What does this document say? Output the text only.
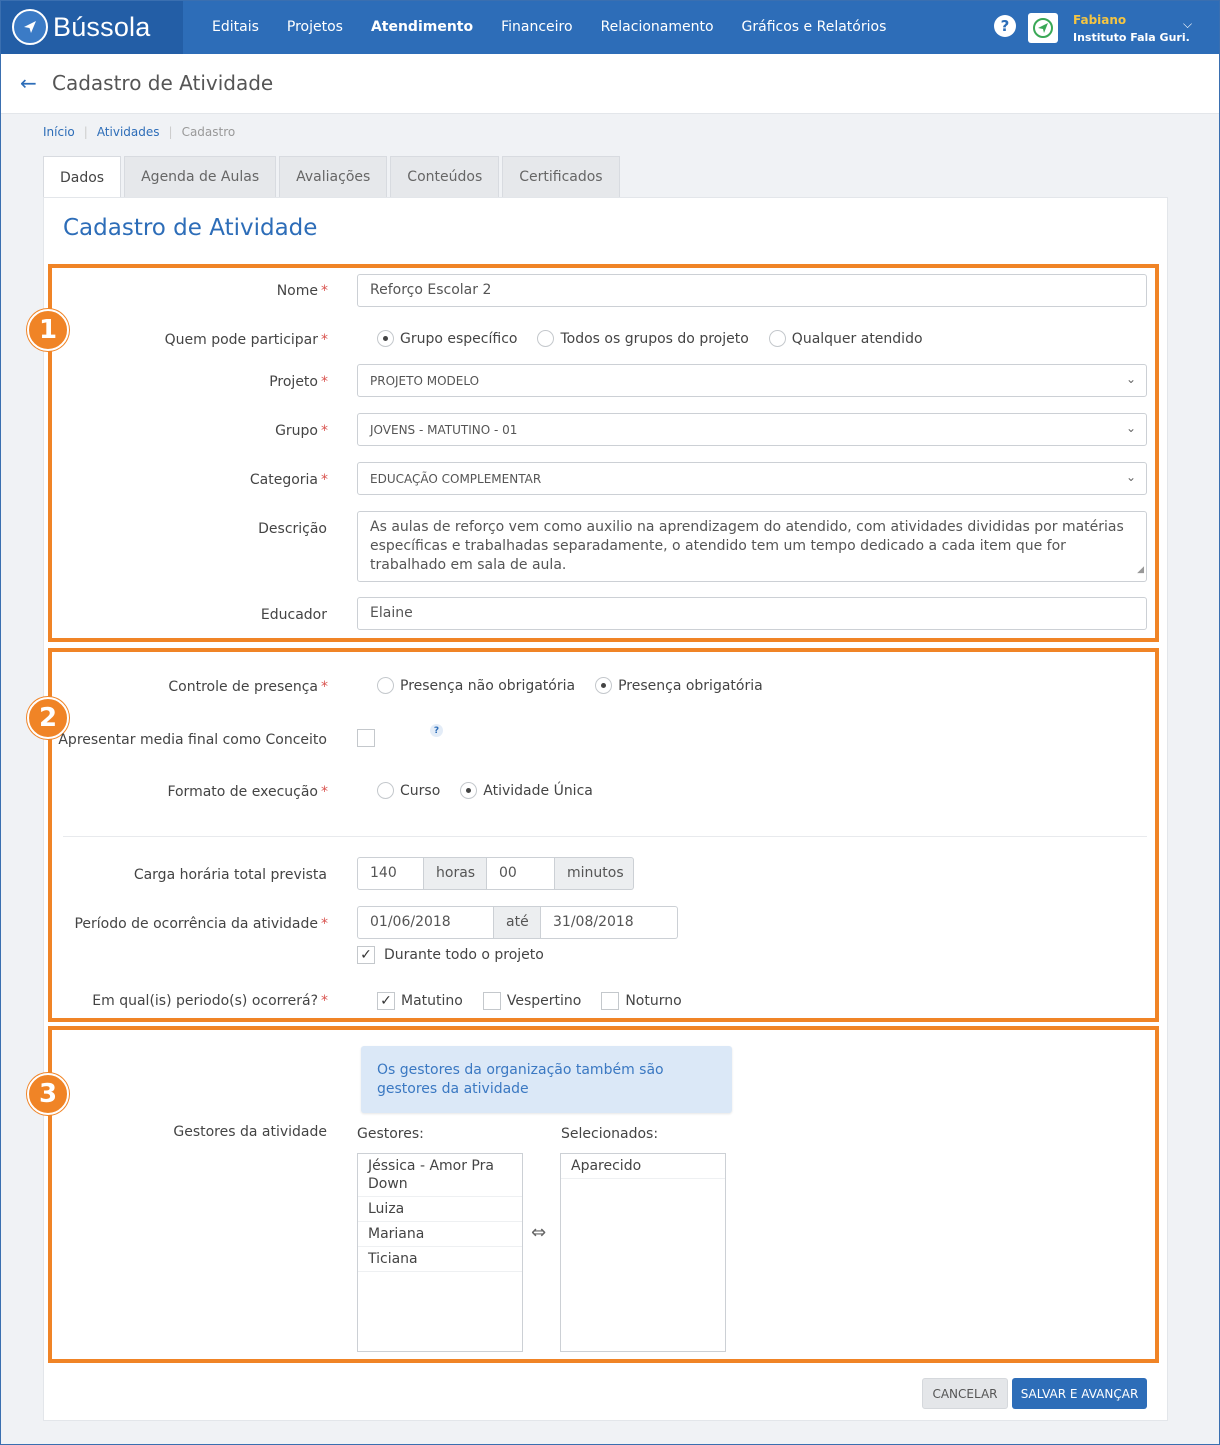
Bússola	Editais	Projetos	Atendimento	Financeiro	Relacionamento	Gráficos e Relatórios	?	Fabiano
Instituto Fala Guri.
⌵
← Cadastro de Atividade
Início | Atividades | Cadastro
Dados	Agenda de Aulas	Avaliações	Conteúdos	Certificados
Cadastro de Atividade
1
2
3
Nome *	Reforço Escolar 2
Quem pode participar *	Grupo específico	Todos os grupos do projeto	Qualquer atendido
Projeto *	PROJETO MODELO	⌄
Grupo *	JOVENS - MATUTINO - 01	⌄
Categoria *	EDUCAÇÃO COMPLEMENTAR	⌄
Descrição	As aulas de reforço vem como auxilio na aprendizagem do atendido, com atividades divididas por matérias específicas e trabalhadas separadamente, o atendido tem um tempo dedicado a cada item que for trabalhado em sala de aula.	◢
Educador	Elaine
Controle de presença *	Presença não obrigatória	Presença obrigatória
Apresentar media final como Conceito
?
Formato de execução *	Curso	Atividade Única
Carga horária total prevista	140	horas	00	minutos
Período de ocorrência da atividade *	01/06/2018	até	31/08/2018
✓ Durante todo o projeto
Em qual(is) periodo(s) ocorrerá? *	✓ Matutino	Vespertino	Noturno
Os gestores da organização também são gestores da atividade
Gestores da atividade Gestores:	Selecionados:
Jéssica - Amor Pra Down
Luiza
Mariana
Ticiana
⇔
Aparecido
CANCELAR	SALVAR E AVANÇAR
